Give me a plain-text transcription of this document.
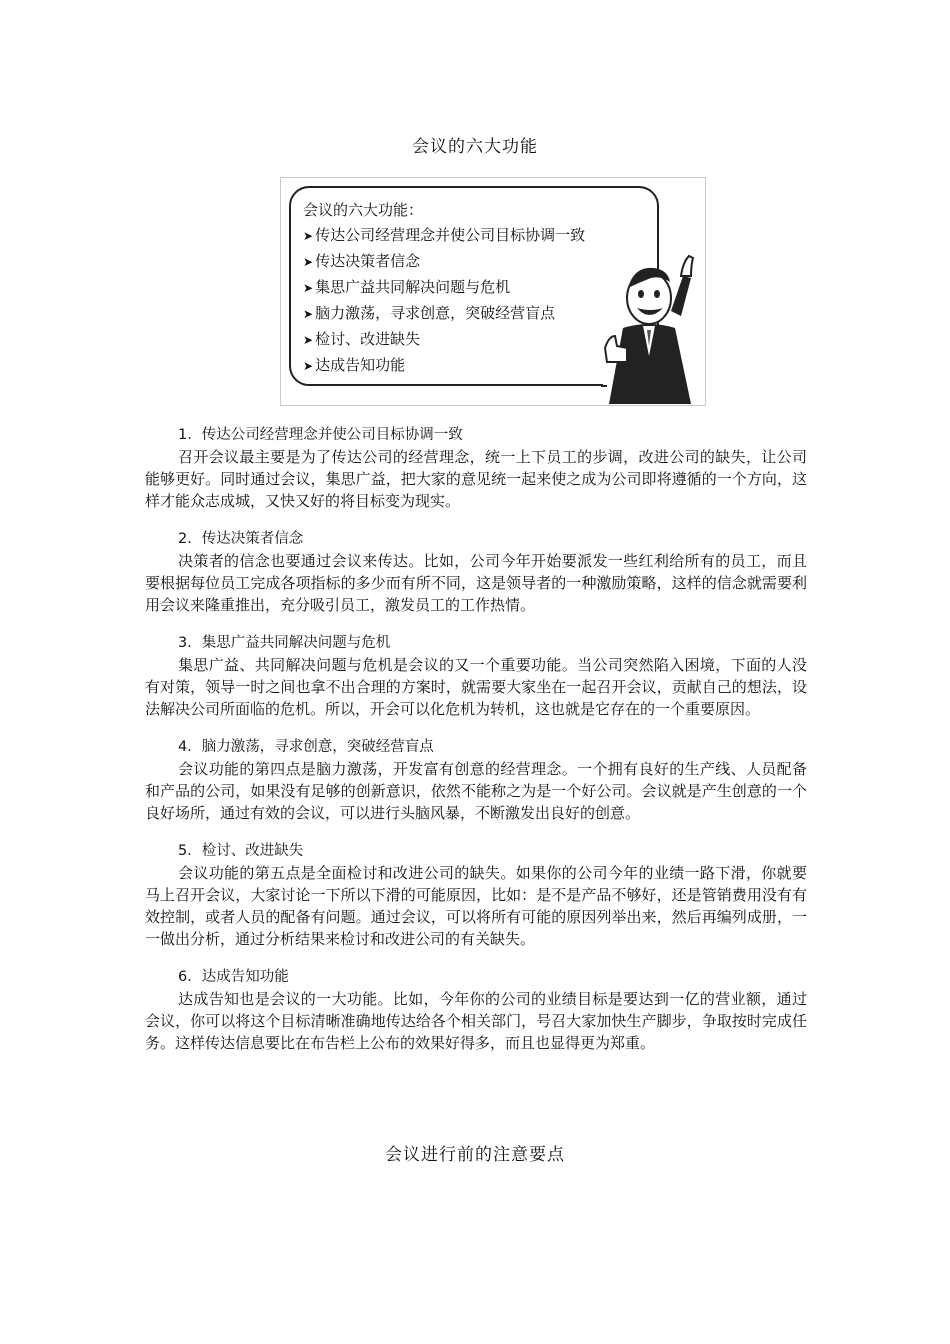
会议的六大功能
会议的六大功能：
➤ 传达公司经营理念并使公司目标协调一致
➤ 传达决策者信念
➤ 集思广益共同解决问题与危机
➤ 脑力激荡，寻求创意，突破经营盲点
➤ 检讨、改进缺失
➤ 达成告知功能
1．传达公司经营理念并使公司目标协调一致
召开会议最主要是为了传达公司的经营理念，统一上下员工的步调，改进公司的缺失，让公司能够更好。同时通过会议，集思广益，把大家的意见统一起来使之成为公司即将遵循的一个方向，这样才能众志成城，又快又好的将目标变为现实。
2．传达决策者信念
决策者的信念也要通过会议来传达。比如，公司今年开始要派发一些红利给所有的员工，而且要根据每位员工完成各项指标的多少而有所不同，这是领导者的一种激励策略，这样的信念就需要利用会议来隆重推出，充分吸引员工，激发员工的工作热情。
3．集思广益共同解决问题与危机
集思广益、共同解决问题与危机是会议的又一个重要功能。当公司突然陷入困境，下面的人没有对策，领导一时之间也拿不出合理的方案时，就需要大家坐在一起召开会议，贡献自己的想法，设法解决公司所面临的危机。所以，开会可以化危机为转机，这也就是它存在的一个重要原因。
4．脑力激荡，寻求创意，突破经营盲点
会议功能的第四点是脑力激荡，开发富有创意的经营理念。一个拥有良好的生产线、人员配备和产品的公司，如果没有足够的创新意识，依然不能称之为是一个好公司。会议就是产生创意的一个良好场所，通过有效的会议，可以进行头脑风暴，不断激发出良好的创意。
5．检讨、改进缺失
会议功能的第五点是全面检讨和改进公司的缺失。如果你的公司今年的业绩一路下滑，你就要马上召开会议，大家讨论一下所以下滑的可能原因，比如：是不是产品不够好，还是管销费用没有有效控制，或者人员的配备有问题。通过会议，可以将所有可能的原因列举出来，然后再编列成册，一一做出分析，通过分析结果来检讨和改进公司的有关缺失。
6．达成告知功能
达成告知也是会议的一大功能。比如，今年你的公司的业绩目标是要达到一亿的营业额，通过会议，你可以将这个目标清晰准确地传达给各个相关部门，号召大家加快生产脚步，争取按时完成任务。这样传达信息要比在布告栏上公布的效果好得多，而且也显得更为郑重。
会议进行前的注意要点
